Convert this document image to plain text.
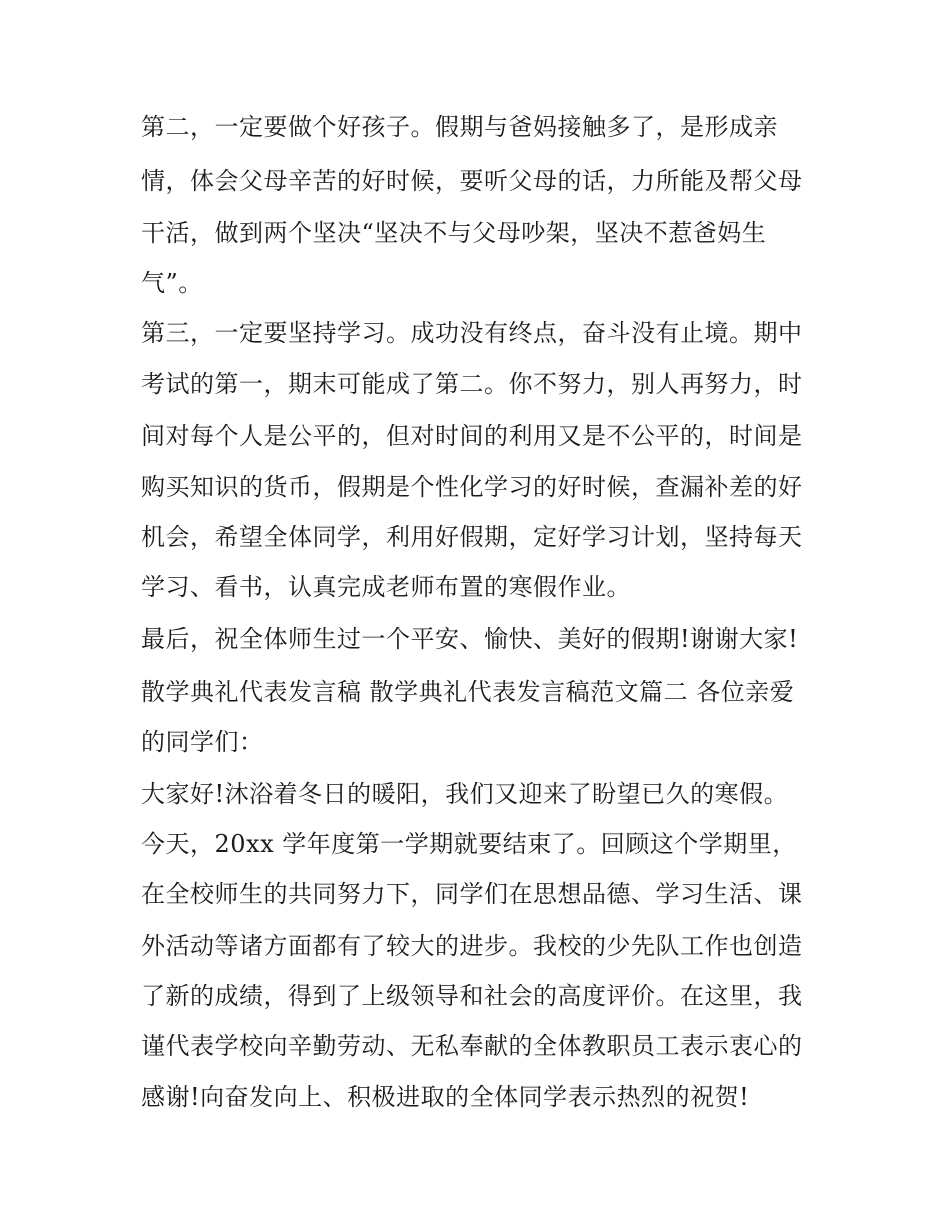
第二，一定要做个好孩子。假期与爸妈接触多了，是形成亲

情，体会父母辛苦的好时候，要听父母的话，力所能及帮父母

干活，做到两个坚决“坚决不与父母吵架，坚决不惹爸妈生

气”。

第三，一定要坚持学习。成功没有终点，奋斗没有止境。期中

考试的第一，期末可能成了第二。你不努力，别人再努力，时

间对每个人是公平的，但对时间的利用又是不公平的，时间是

购买知识的货币，假期是个性化学习的好时候，查漏补差的好

机会，希望全体同学，利用好假期，定好学习计划，坚持每天

学习、看书，认真完成老师布置的寒假作业。

最后，祝全体师生过一个平安、愉快、美好的假期!谢谢大家!

散学典礼代表发言稿 散学典礼代表发言稿范文篇二 各位亲爱

的同学们：

大家好!沐浴着冬日的暖阳，我们又迎来了盼望已久的寒假。

今天，20xx 学年度第一学期就要结束了。回顾这个学期里，

在全校师生的共同努力下，同学们在思想品德、学习生活、课

外活动等诸方面都有了较大的进步。我校的少先队工作也创造

了新的成绩，得到了上级领导和社会的高度评价。在这里，我

谨代表学校向辛勤劳动、无私奉献的全体教职员工表示衷心的

感谢!向奋发向上、积极进取的全体同学表示热烈的祝贺!
